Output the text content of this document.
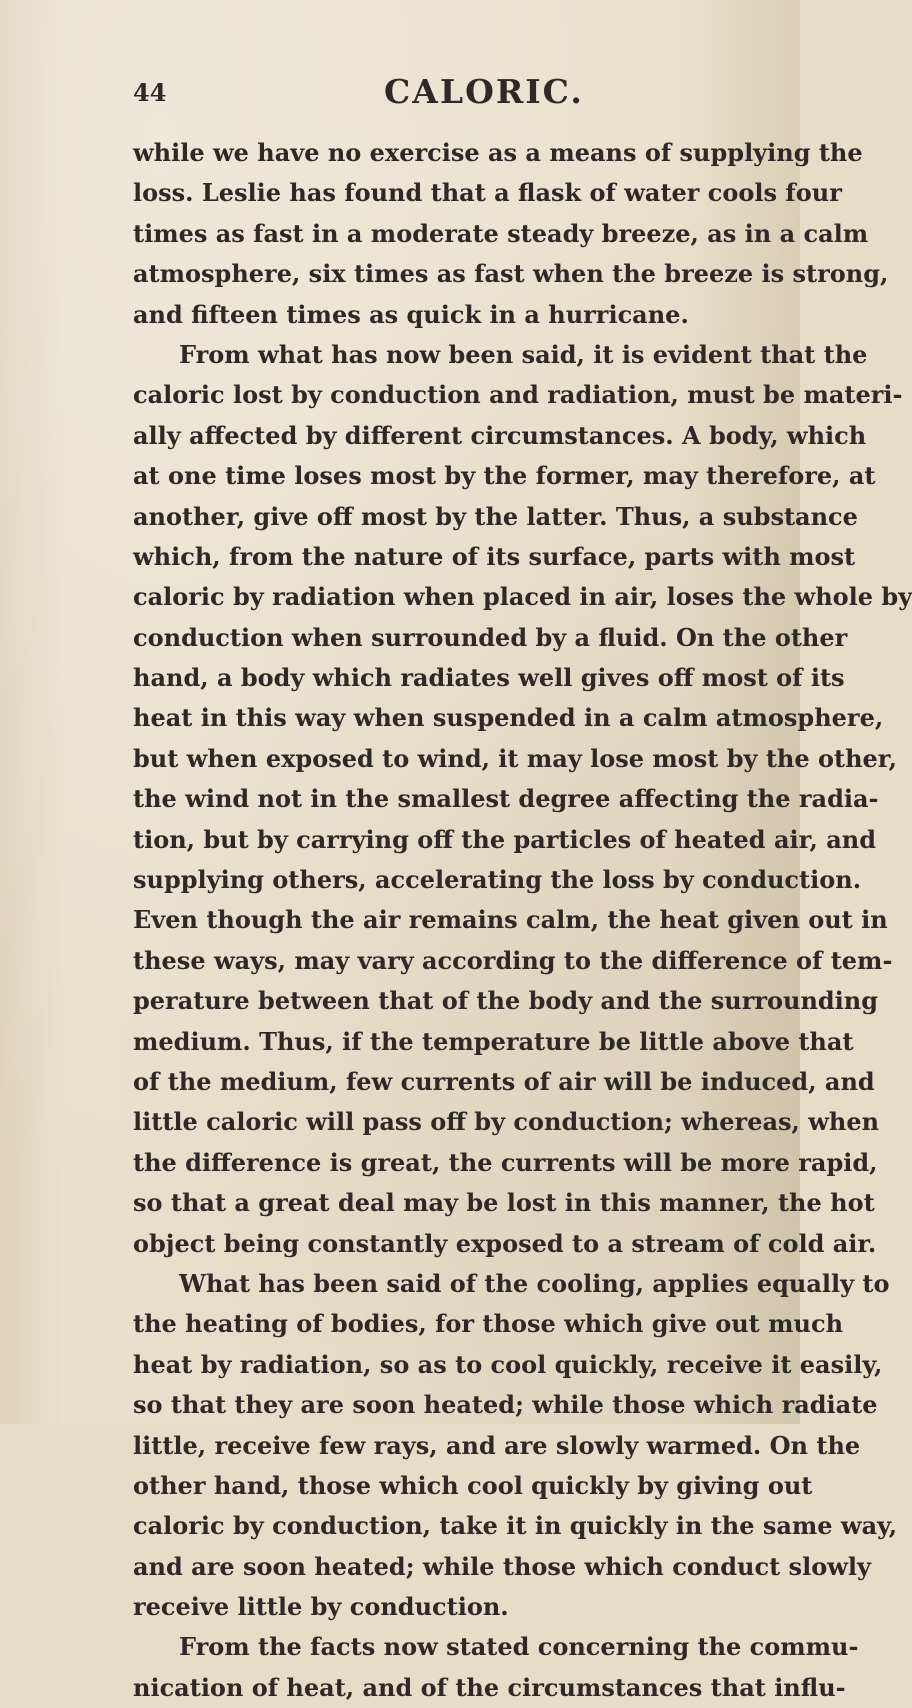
44	CALORIC.
while we have no exercise as a means of supplying the
loss. Leslie has found that a flask of water cools four
times as fast in a moderate steady breeze, as in a calm
atmosphere, six times as fast when the breeze is strong,
and fifteen times as quick in a hurricane.
From what has now been said, it is evident that the
caloric lost by conduction and radiation, must be materi-
ally affected by different circumstances. A body, which
at one time loses most by the former, may therefore, at
another, give off most by the latter. Thus, a substance
which, from the nature of its surface, parts with most
caloric by radiation when placed in air, loses the whole by
conduction when surrounded by a fluid. On the other
hand, a body which radiates well gives off most of its
heat in this way when suspended in a calm atmosphere,
but when exposed to wind, it may lose most by the other,
the wind not in the smallest degree affecting the radia-
tion, but by carrying off the particles of heated air, and
supplying others, accelerating the loss by conduction.
Even though the air remains calm, the heat given out in
these ways, may vary according to the difference of tem-
perature between that of the body and the surrounding
medium. Thus, if the temperature be little above that
of the medium, few currents of air will be induced, and
little caloric will pass off by conduction; whereas, when
the difference is great, the currents will be more rapid,
so that a great deal may be lost in this manner, the hot
object being constantly exposed to a stream of cold air.
What has been said of the cooling, applies equally to
the heating of bodies, for those which give out much
heat by radiation, so as to cool quickly, receive it easily,
so that they are soon heated; while those which radiate
little, receive few rays, and are slowly warmed. On the
other hand, those which cool quickly by giving out
caloric by conduction, take it in quickly in the same way,
and are soon heated; while those which conduct slowly
receive little by conduction.
From the facts now stated concerning the commu-
nication of heat, and of the circumstances that influ-
